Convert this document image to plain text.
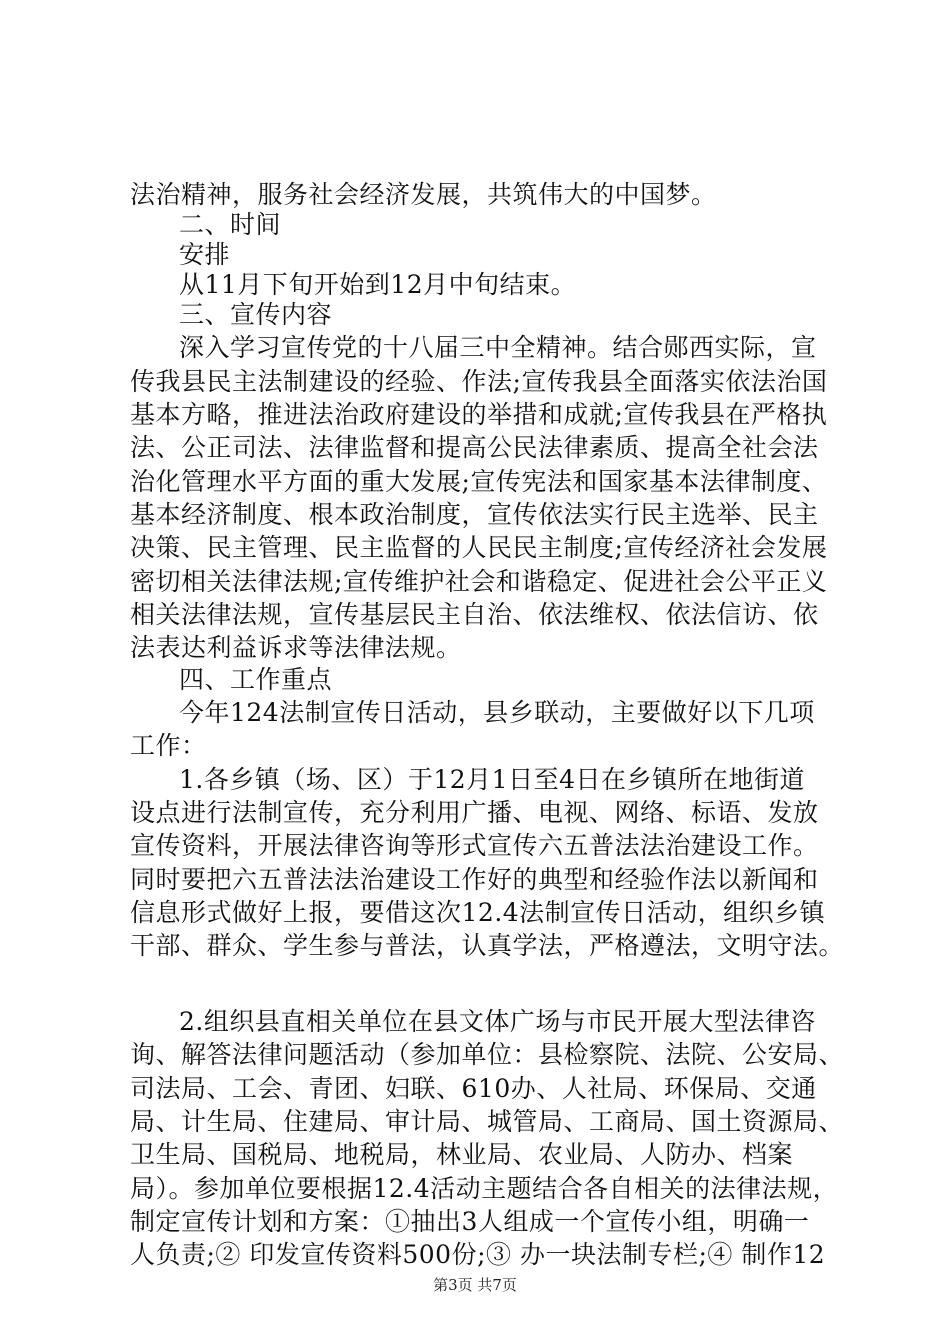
法治精神，服务社会经济发展，共筑伟大的中国梦。
二、时间
安排
从11月下旬开始到12月中旬结束。
三、宣传内容
深入学习宣传党的十八届三中全精神。结合郧西实际，宣
传我县民主法制建设的经验、作法;宣传我县全面落实依法治国
基本方略，推进法治政府建设的举措和成就;宣传我县在严格执
法、公正司法、法律监督和提高公民法律素质、提高全社会法
治化管理水平方面的重大发展;宣传宪法和国家基本法律制度、
基本经济制度、根本政治制度，宣传依法实行民主选举、民主
决策、民主管理、民主监督的人民民主制度;宣传经济社会发展
密切相关法律法规;宣传维护社会和谐稳定、促进社会公平正义
相关法律法规，宣传基层民主自治、依法维权、依法信访、依
法表达利益诉求等法律法规。
四、工作重点
今年124法制宣传日活动，县乡联动，主要做好以下几项
工作：
1.各乡镇（场、区）于12月1日至4日在乡镇所在地街道
设点进行法制宣传，充分利用广播、电视、网络、标语、发放
宣传资料，开展法律咨询等形式宣传六五普法法治建设工作。
同时要把六五普法法治建设工作好的典型和经验作法以新闻和
信息形式做好上报，要借这次12.4法制宣传日活动，组织乡镇
干部、群众、学生参与普法，认真学法，严格遵法，文明守法。
2.组织县直相关单位在县文体广场与市民开展大型法律咨
询、解答法律问题活动（参加单位：县检察院、法院、公安局、
司法局、工会、青团、妇联、610办、人社局、环保局、交通
局、计生局、住建局、审计局、城管局、工商局、国土资源局、
卫生局、国税局、地税局，林业局、农业局、人防办、档案
局）。参加单位要根据12.4活动主题结合各自相关的法律法规，
制定宣传计划和方案：①抽出3人组成一个宣传小组，明确一
人负责;② 印发宣传资料500份;③ 办一块法制专栏;④ 制作12
第3页 共7页
